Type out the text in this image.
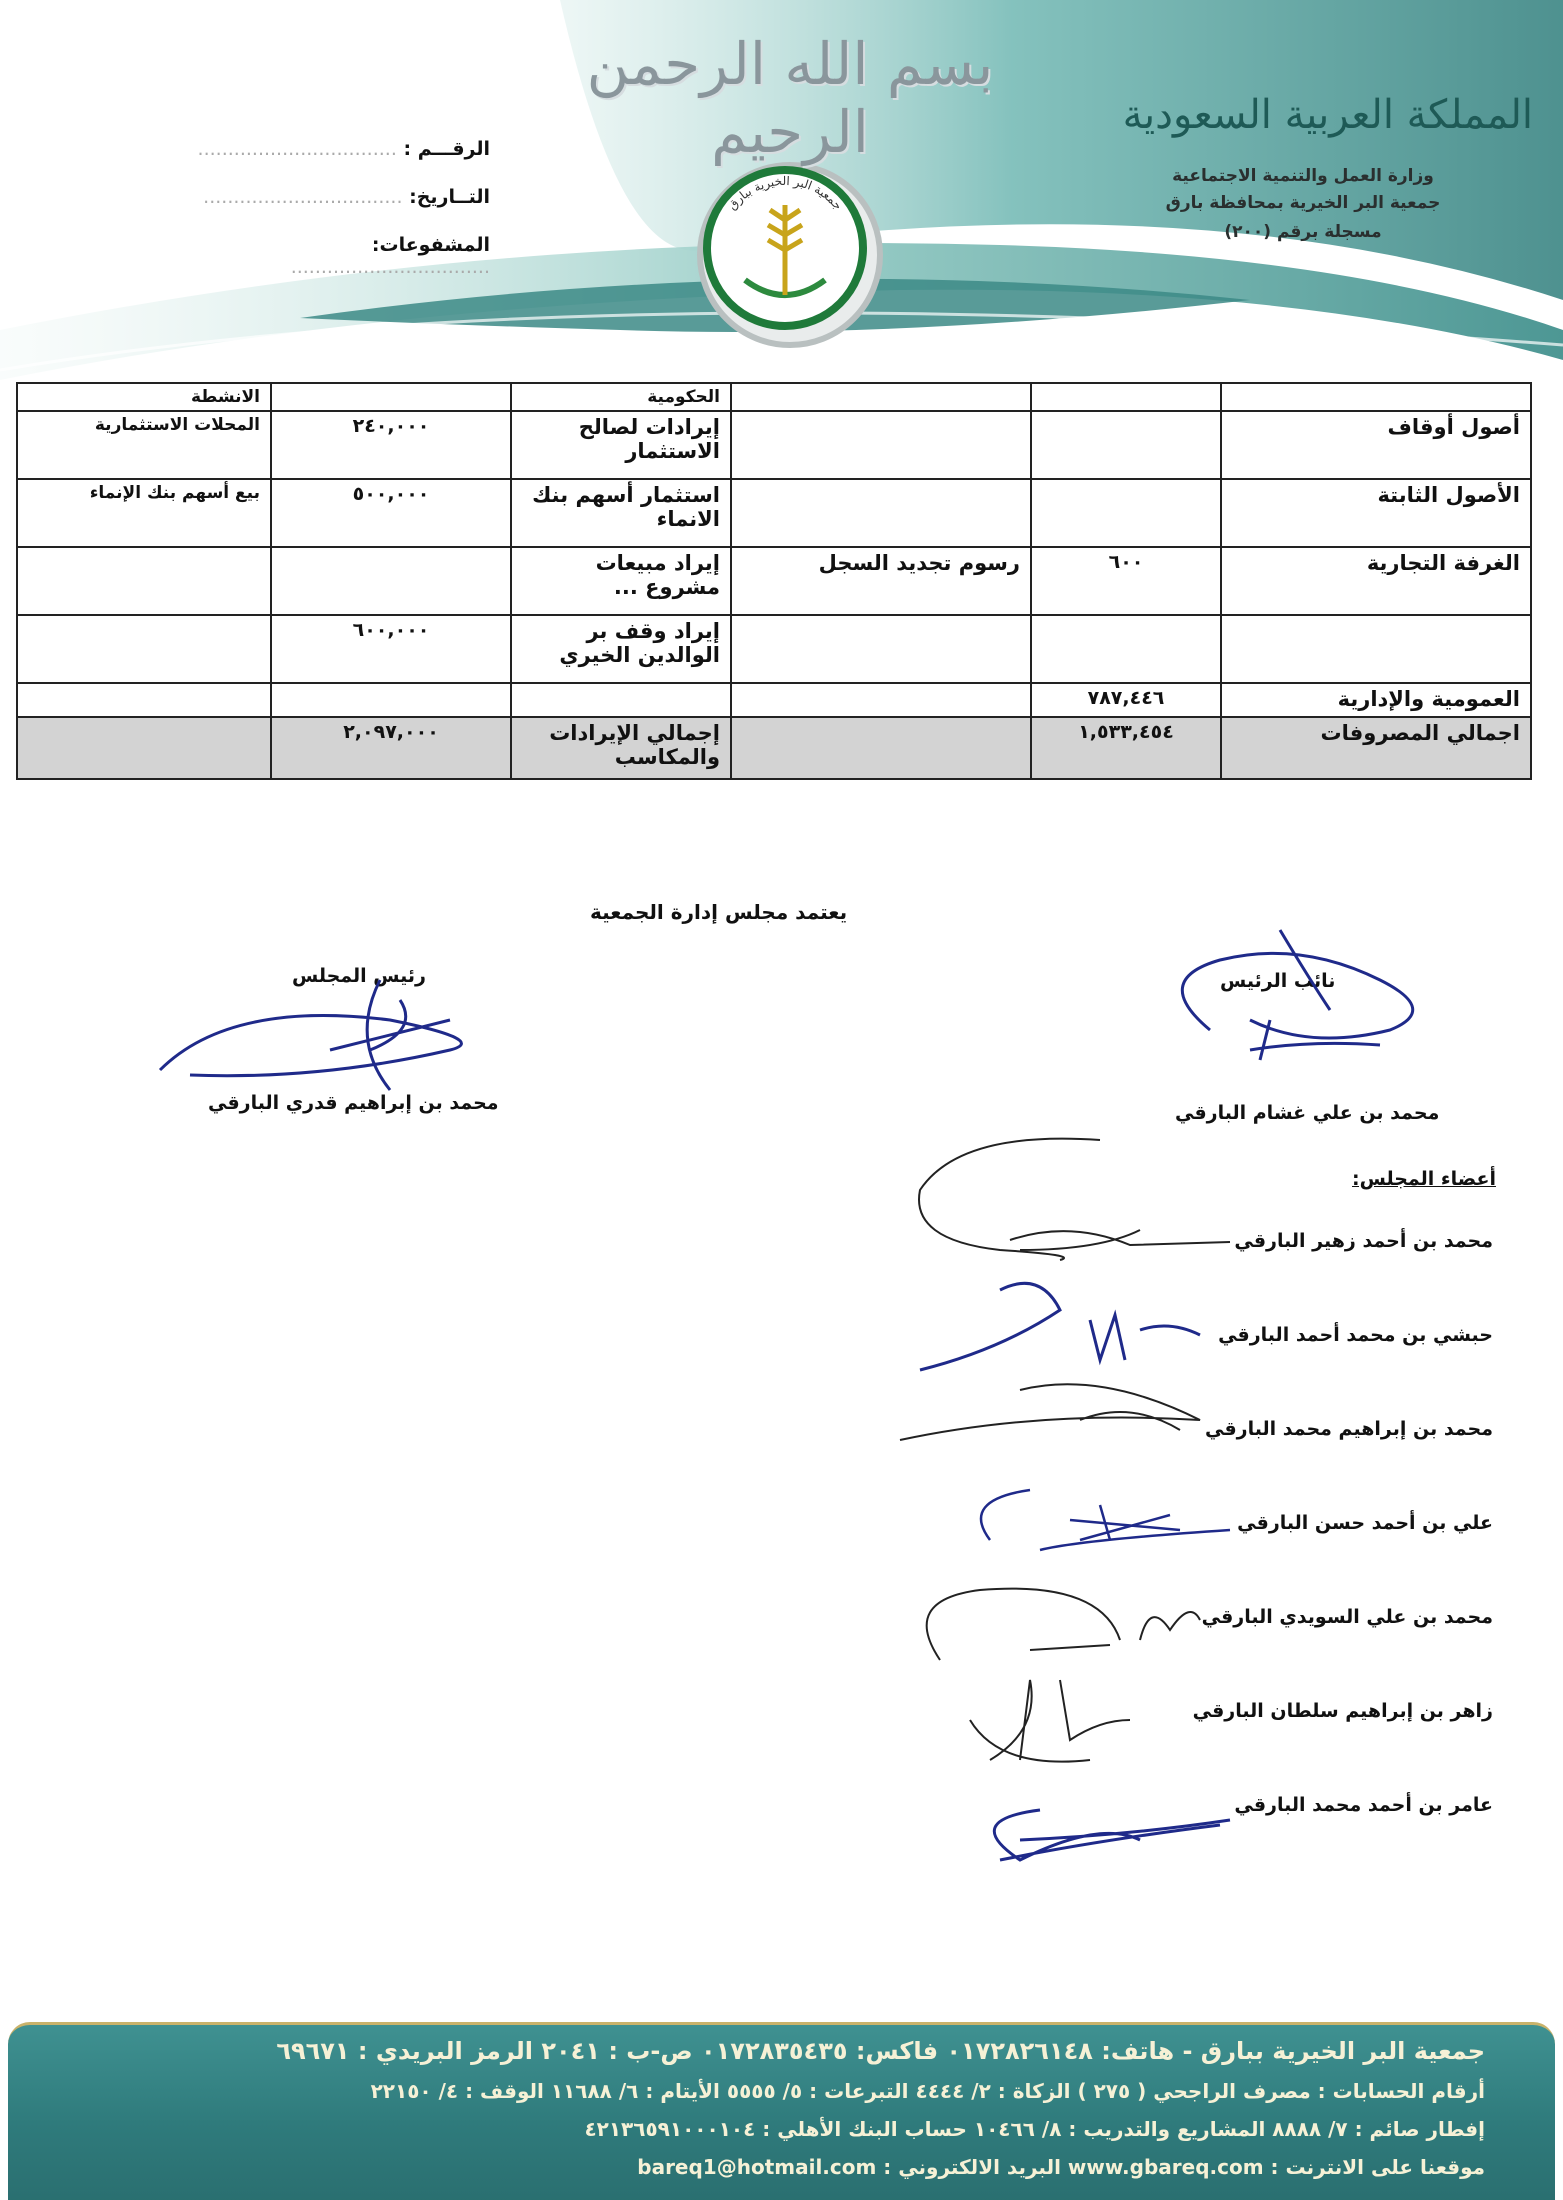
جمعية البر الخيرية ببارق
بسم الله الرحمن الرحيم	المملكة العربية السعودية
وزارة العمل والتنمية الاجتماعية
جمعية البر الخيرية بمحافظة بارق
مسجلة برقم (٢٠٠)
الرقـــم : .................................
التــاريخ: .................................
المشفوعات: .................................
			الحكومية		الانشطة
أصول أوقاف			إيرادات لصالح الاستثمار	٢٤٠,٠٠٠	المحلات الاستثمارية
الأصول الثابتة			استثمار أسهم بنك الانماء	٥٠٠,٠٠٠	بيع أسهم بنك الإنماء
الغرفة التجارية	٦٠٠	رسوم تجديد السجل	إيراد مبيعات مشروع ...		
			إيراد وقف بر الوالدين الخيري	٦٠٠,٠٠٠	
العمومية والإدارية	٧٨٧,٤٤٦				
اجمالي المصروفات	١,٥٣٣,٤٥٤		إجمالي الإيرادات والمكاسب	٢,٠٩٧,٠٠٠	
يعتمد مجلس إدارة الجمعية
نائب الرئيس
محمد بن علي غشام البارقي
رئيس المجلس
محمد بن إبراهيم قدري البارقي
أعضاء المجلس:
محمد بن أحمد زهير البارقي
حبشي بن محمد أحمد البارقي
محمد بن إبراهيم محمد البارقي
علي بن أحمد حسن البارقي
محمد بن علي السويدي البارقي
زاهر بن إبراهيم سلطان البارقي
عامر بن أحمد محمد البارقي
جمعية البر الخيرية ببارق - هاتف: ٠١٧٢٨٢٦١٤٨ فاكس: ٠١٧٢٨٣٥٤٣٥ ص-ب : ٢٠٤١ الرمز البريدي : ٦٩٦٧١
أرقام الحسابات : مصرف الراجحي ( ٢٧٥ ) الزكاة : ٢/ ٤٤٤٤ التبرعات : ٥/ ٥٥٥٥ الأيتام : ٦/ ١١٦٨٨ الوقف : ٤/ ٢٢١٥٠
إفطار صائم : ٧/ ٨٨٨٨ المشاريع والتدريب : ٨/ ١٠٤٦٦ حساب البنك الأهلي : ٤٢١٣٦٥٩١٠٠٠١٠٤
موقعنا على الانترنت : www.gbareq.com البريد الالكتروني : bareq1@hotmail.com
